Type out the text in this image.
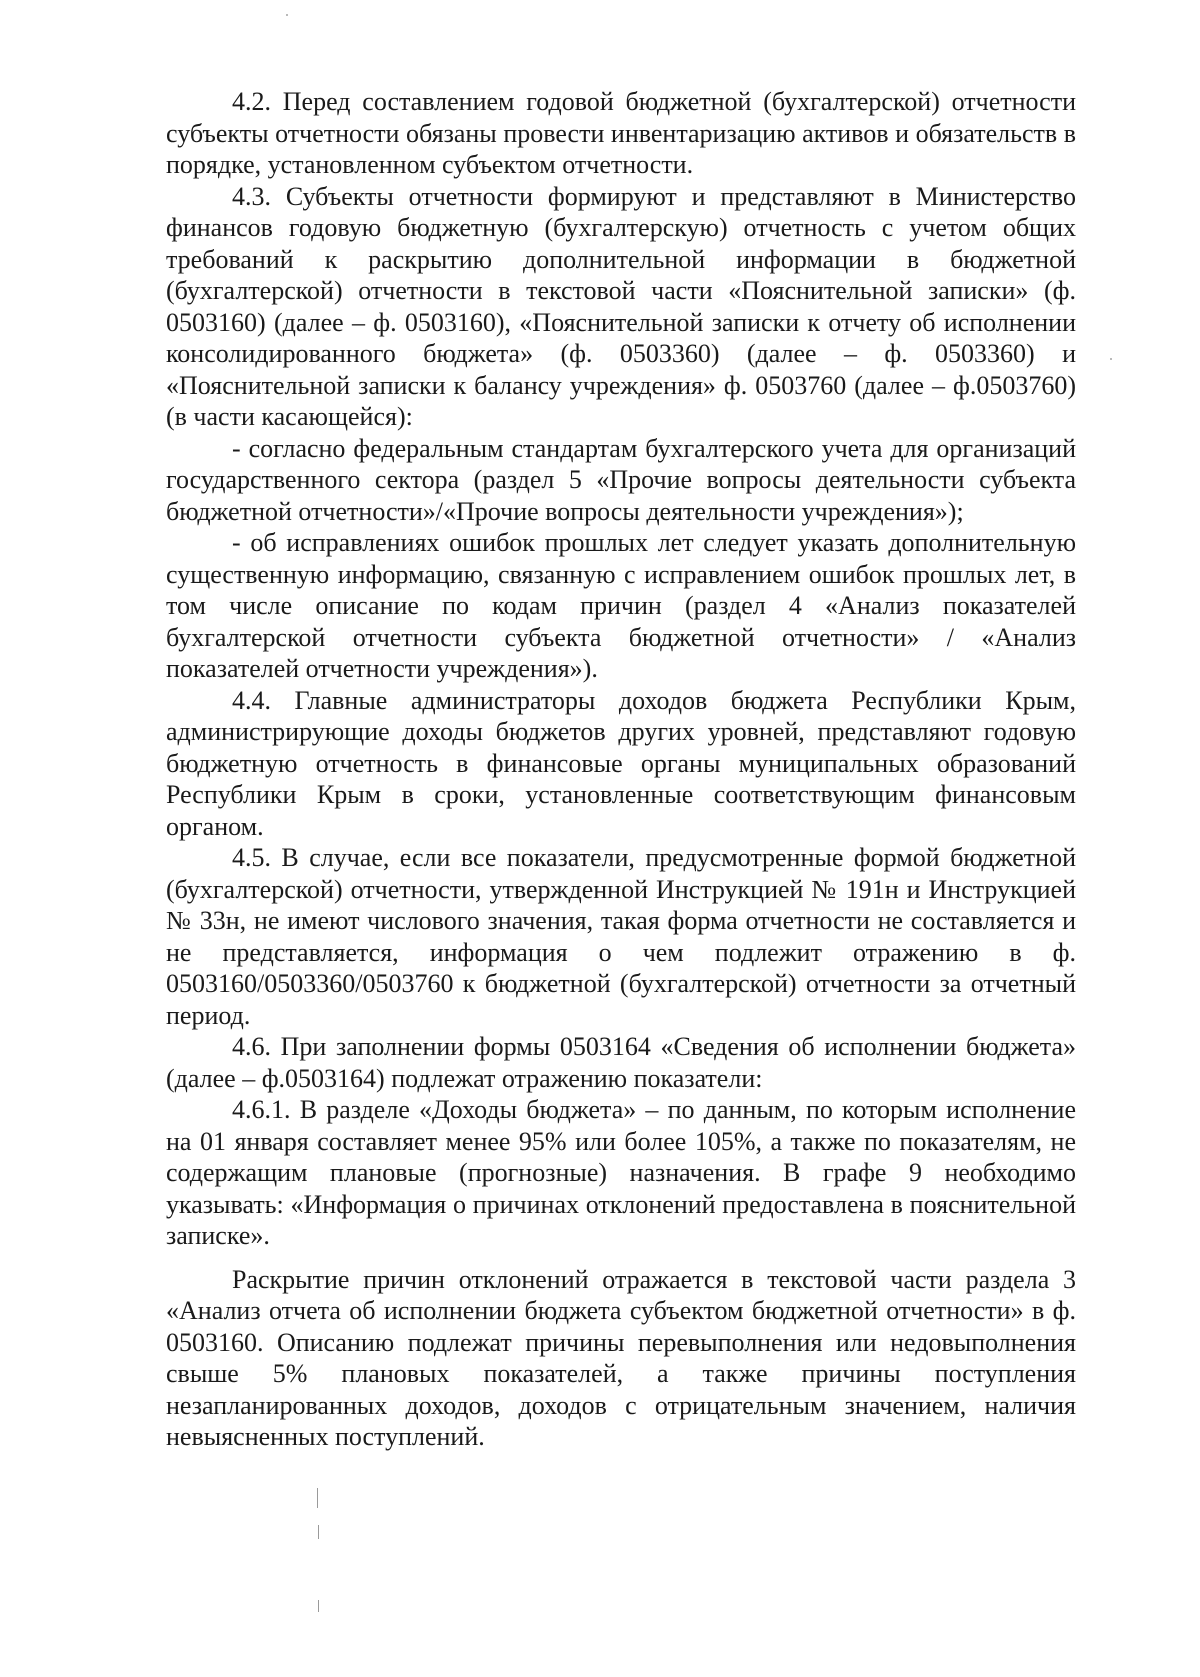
4.2. Перед составлением годовой бюджетной (бухгалтерской) отчетности субъекты отчетности обязаны провести инвентаризацию активов и обязательств в порядке, установленном субъектом отчетности.

4.3. Субъекты отчетности формируют и представляют в Министерство финансов годовую бюджетную (бухгалтерскую) отчетность с учетом общих требований к раскрытию дополнительной информации в бюджетной (бухгалтерской) отчетности в текстовой части «Пояснительной записки» (ф. 0503160) (далее – ф. 0503160), «Пояснительной записки к отчету об исполнении консолидированного бюджета» (ф. 0503360) (далее – ф. 0503360) и «Пояснительной записки к балансу учреждения» ф. 0503760 (далее – ф.0503760) (в части касающейся):

- согласно федеральным стандартам бухгалтерского учета для организаций государственного сектора (раздел 5 «Прочие вопросы деятельности субъекта бюджетной отчетности»/«Прочие вопросы деятельности учреждения»);

- об исправлениях ошибок прошлых лет следует указать дополнительную существенную информацию, связанную с исправлением ошибок прошлых лет, в том числе описание по кодам причин (раздел 4 «Анализ показателей бухгалтерской отчетности субъекта бюджетной отчетности» / «Анализ показателей отчетности учреждения»).

4.4. Главные администраторы доходов бюджета Республики Крым, администрирующие доходы бюджетов других уровней, представляют годовую бюджетную отчетность в финансовые органы муниципальных образований Республики Крым в сроки, установленные соответствующим финансовым органом.

4.5. В случае, если все показатели, предусмотренные формой бюджетной (бухгалтерской) отчетности, утвержденной Инструкцией № 191н и Инструкцией № 33н, не имеют числового значения, такая форма отчетности не составляется и не представляется, информация о чем подлежит отражению в ф. 0503160/0503360/0503760 к бюджетной (бухгалтерской) отчетности за отчетный период.

4.6. При заполнении формы 0503164 «Сведения об исполнении бюджета» (далее – ф.0503164) подлежат отражению показатели:

4.6.1. В разделе «Доходы бюджета» – по данным, по которым исполнение на 01 января составляет менее 95% или более 105%, а также по показателям, не содержащим плановые (прогнозные) назначения. В графе 9 необходимо указывать: «Информация о причинах отклонений предоставлена в пояснительной записке».

Раскрытие причин отклонений отражается в текстовой части раздела 3 «Анализ отчета об исполнении бюджета субъектом бюджетной отчетности» в ф. 0503160. Описанию подлежат причины перевыполнения или недовыполнения свыше 5% плановых показателей, а также причины поступления незапланированных доходов, доходов с отрицательным значением, наличия невыясненных поступлений.
